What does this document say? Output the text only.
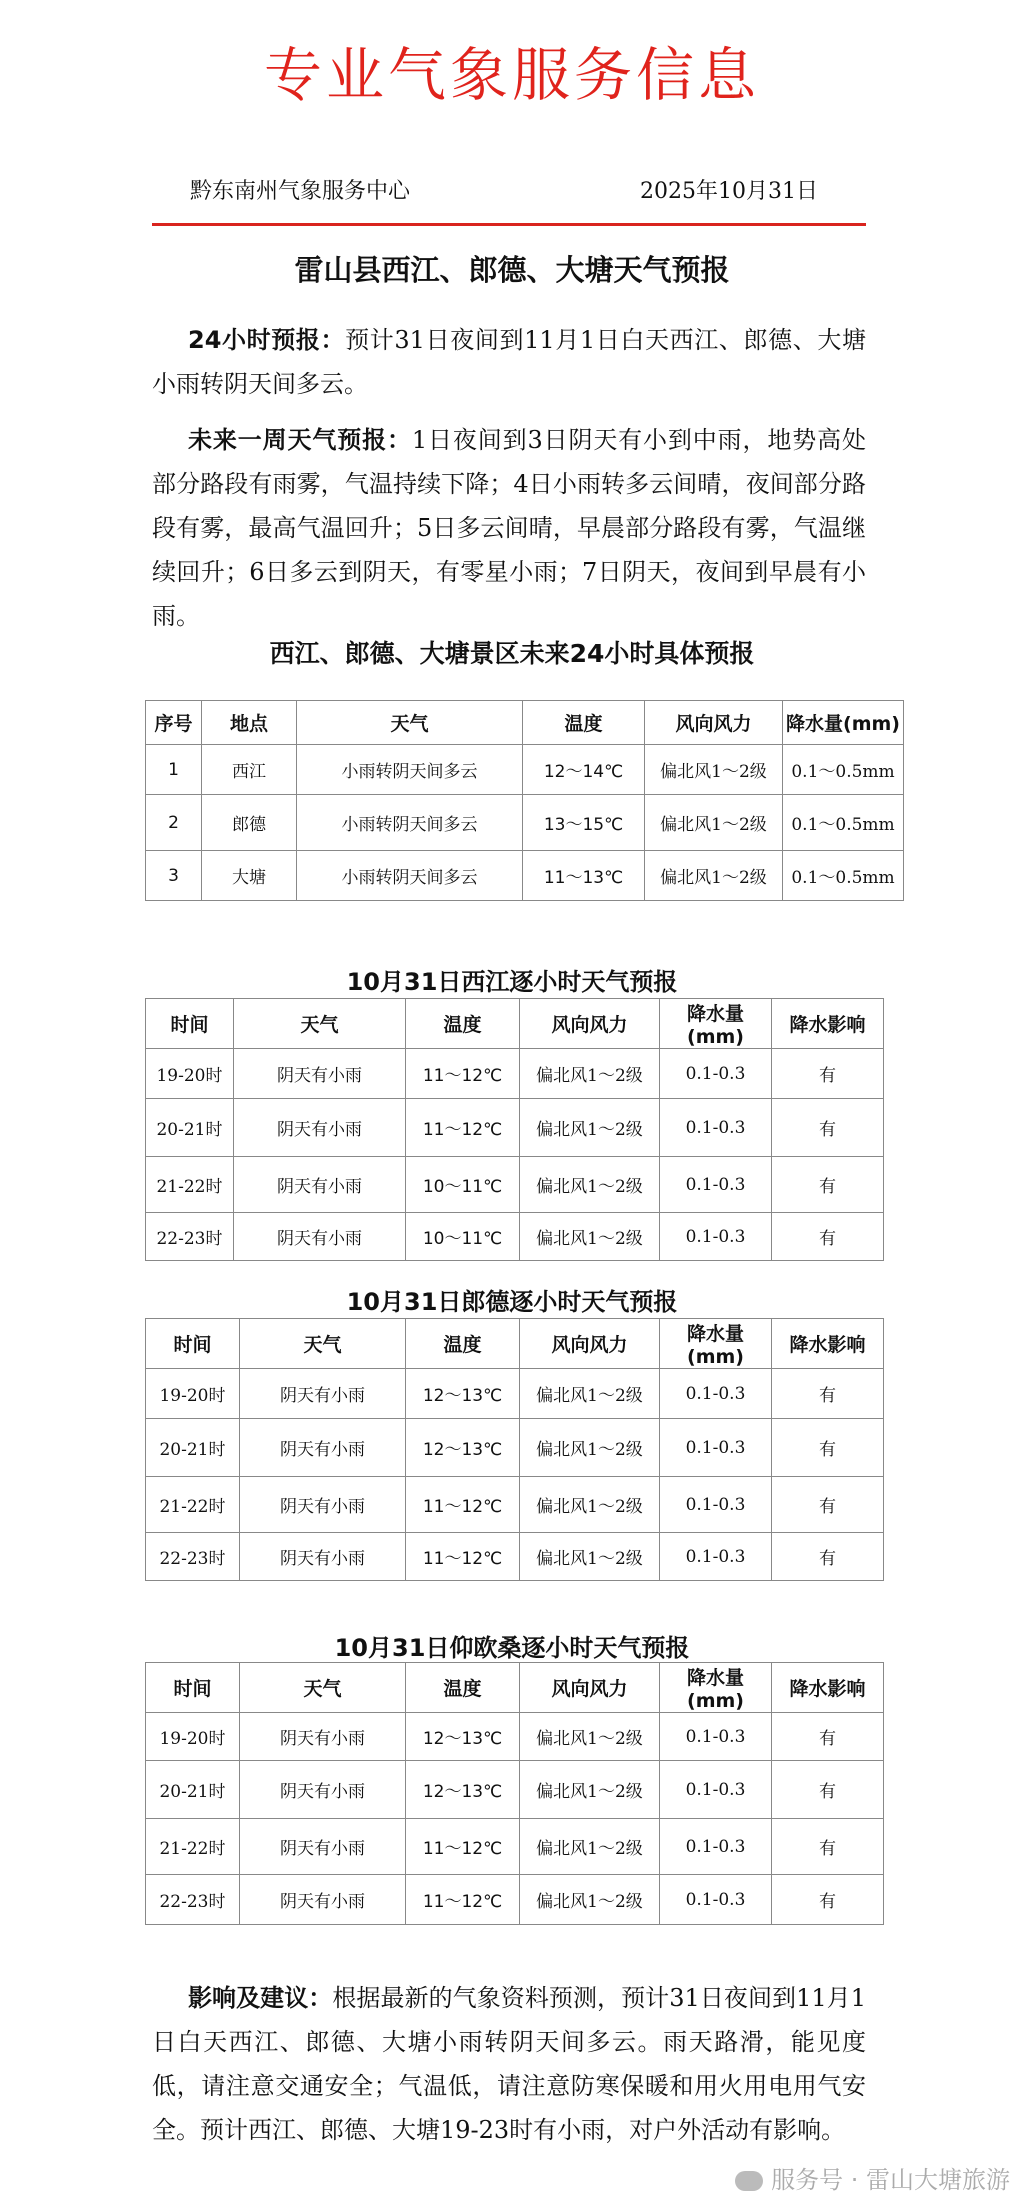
专业气象服务信息
黔东南州气象服务中心	2025年10月31日
雷山县西江、郎德、大塘天气预报
24小时预报：预计31日夜间到11月1日白天西江、郎德、大塘小雨转阴天间多云。
未来一周天气预报：1日夜间到3日阴天有小到中雨，地势高处部分路段有雨雾，气温持续下降；4日小雨转多云间晴，夜间部分路段有雾，最高气温回升；5日多云间晴，早晨部分路段有雾，气温继续回升；6日多云到阴天，有零星小雨；7日阴天，夜间到早晨有小雨。
西江、郎德、大塘景区未来24小时具体预报
序号	地点	天气	温度	风向风力	降水量(mm)
1	西江	小雨转阴天间多云	12～14℃	偏北风1～2级	0.1～0.5mm
2	郎德	小雨转阴天间多云	13～15℃	偏北风1～2级	0.1～0.5mm
3	大塘	小雨转阴天间多云	11～13℃	偏北风1～2级	0.1～0.5mm
10月31日西江逐小时天气预报
时间	天气	温度	风向风力	降水量(mm)	降水影响
19-20时	阴天有小雨	11～12℃	偏北风1～2级	0.1-0.3	有
20-21时	阴天有小雨	11～12℃	偏北风1～2级	0.1-0.3	有
21-22时	阴天有小雨	10～11℃	偏北风1～2级	0.1-0.3	有
22-23时	阴天有小雨	10～11℃	偏北风1～2级	0.1-0.3	有
10月31日郎德逐小时天气预报
时间	天气	温度	风向风力	降水量(mm)	降水影响
19-20时	阴天有小雨	12～13℃	偏北风1～2级	0.1-0.3	有
20-21时	阴天有小雨	12～13℃	偏北风1～2级	0.1-0.3	有
21-22时	阴天有小雨	11～12℃	偏北风1～2级	0.1-0.3	有
22-23时	阴天有小雨	11～12℃	偏北风1～2级	0.1-0.3	有
10月31日仰欧桑逐小时天气预报
时间	天气	温度	风向风力	降水量(mm)	降水影响
19-20时	阴天有小雨	12～13℃	偏北风1～2级	0.1-0.3	有
20-21时	阴天有小雨	12～13℃	偏北风1～2级	0.1-0.3	有
21-22时	阴天有小雨	11～12℃	偏北风1～2级	0.1-0.3	有
22-23时	阴天有小雨	11～12℃	偏北风1～2级	0.1-0.3	有
影响及建议：根据最新的气象资料预测，预计31日夜间到11月1日白天西江、郎德、大塘小雨转阴天间多云。雨天路滑，能见度低，请注意交通安全；气温低，请注意防寒保暖和用火用电用气安全。预计西江、郎德、大塘19-23时有小雨，对户外活动有影响。
服务号 · 雷山大塘旅游
